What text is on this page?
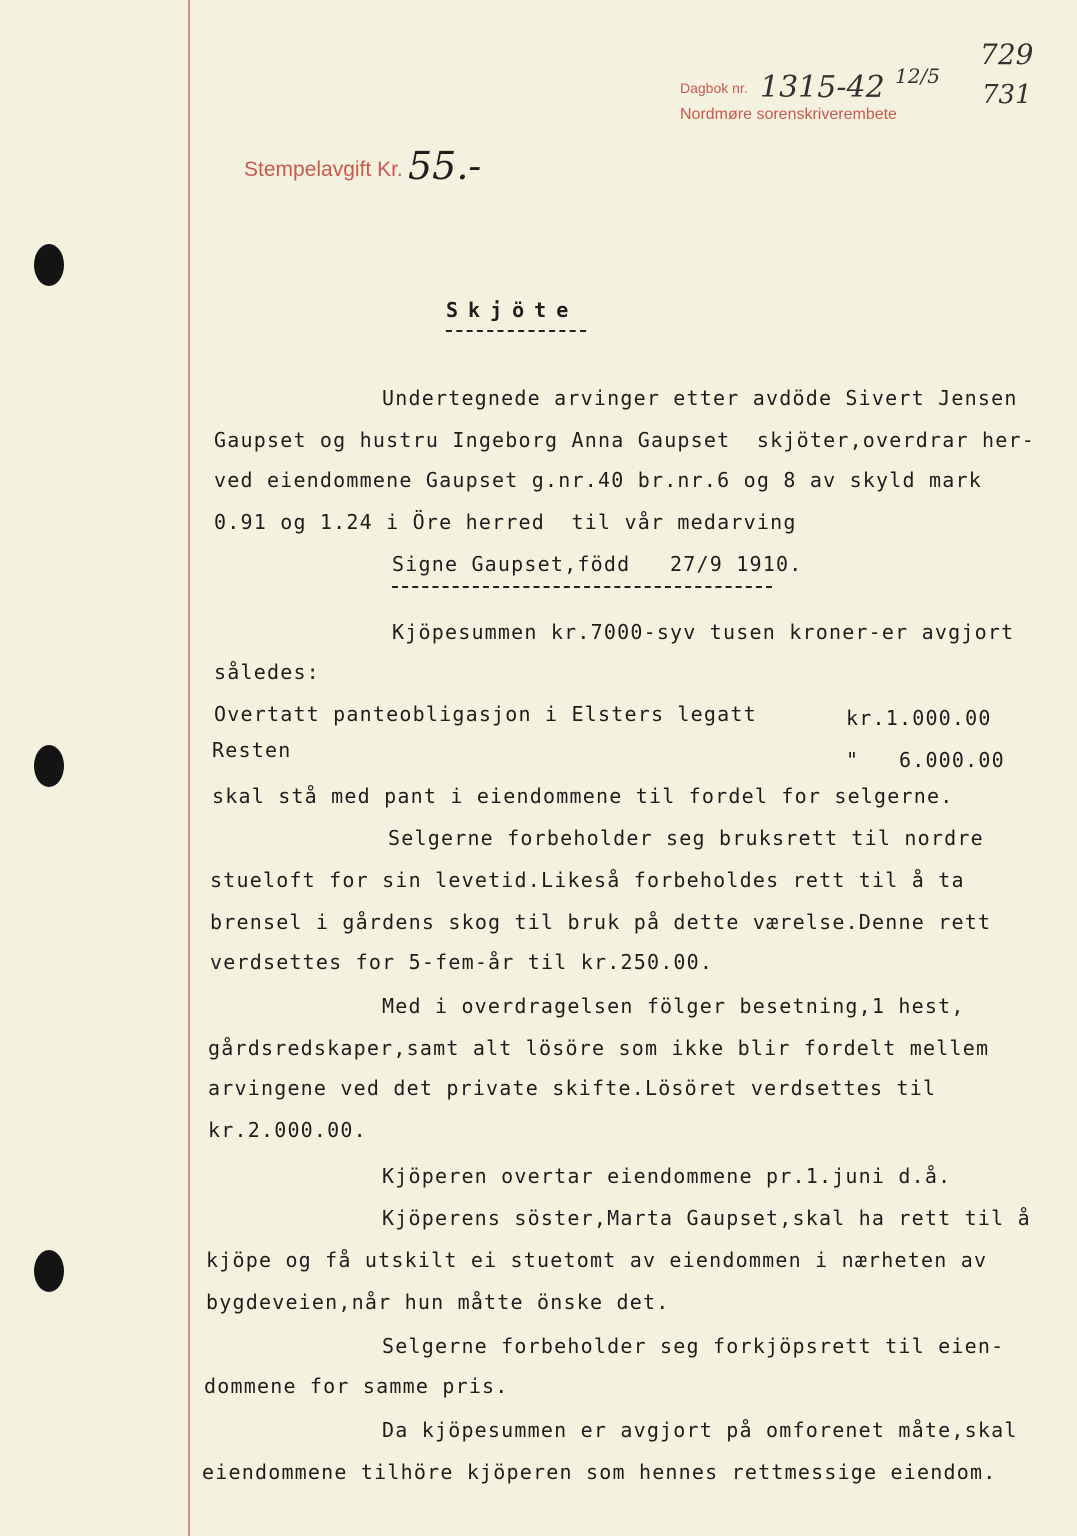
Dagbok nr. 1315-42 12/5
Nordmøre sorenskriverembete
729
731
Stempelavgift Kr. 55.-
Skjöte
Undertegnede arvinger etter avdöde Sivert Jensen
Gaupset og hustru Ingeborg Anna Gaupset  skjöter,overdrar her-
ved eiendommene Gaupset g.nr.40 br.nr.6 og 8 av skyld mark
0.91 og 1.24 i Öre herred  til vår medarving
Signe Gaupset,född   27/9 1910.
Kjöpesummen kr.7000-syv tusen kroner-er avgjort
således:
Overtatt panteobligasjon i Elsters legatt	kr.1.000.00
Resten	"   6.000.00
skal stå med pant i eiendommene til fordel for selgerne.
Selgerne forbeholder seg bruksrett til nordre
stueloft for sin levetid.Likeså forbeholdes rett til å ta
brensel i gårdens skog til bruk på dette værelse.Denne rett
verdsettes for 5-fem-år til kr.250.00.
Med i overdragelsen fölger besetning,1 hest,
gårdsredskaper,samt alt lösöre som ikke blir fordelt mellem
arvingene ved det private skifte.Lösöret verdsettes til
kr.2.000.00.
Kjöperen overtar eiendommene pr.1.juni d.å.
Kjöperens söster,Marta Gaupset,skal ha rett til å
kjöpe og få utskilt ei stuetomt av eiendommen i nærheten av
bygdeveien,når hun måtte önske det.
Selgerne forbeholder seg forkjöpsrett til eien-
dommene for samme pris.
Da kjöpesummen er avgjort på omforenet måte,skal
eiendommene tilhöre kjöperen som hennes rettmessige eiendom.
